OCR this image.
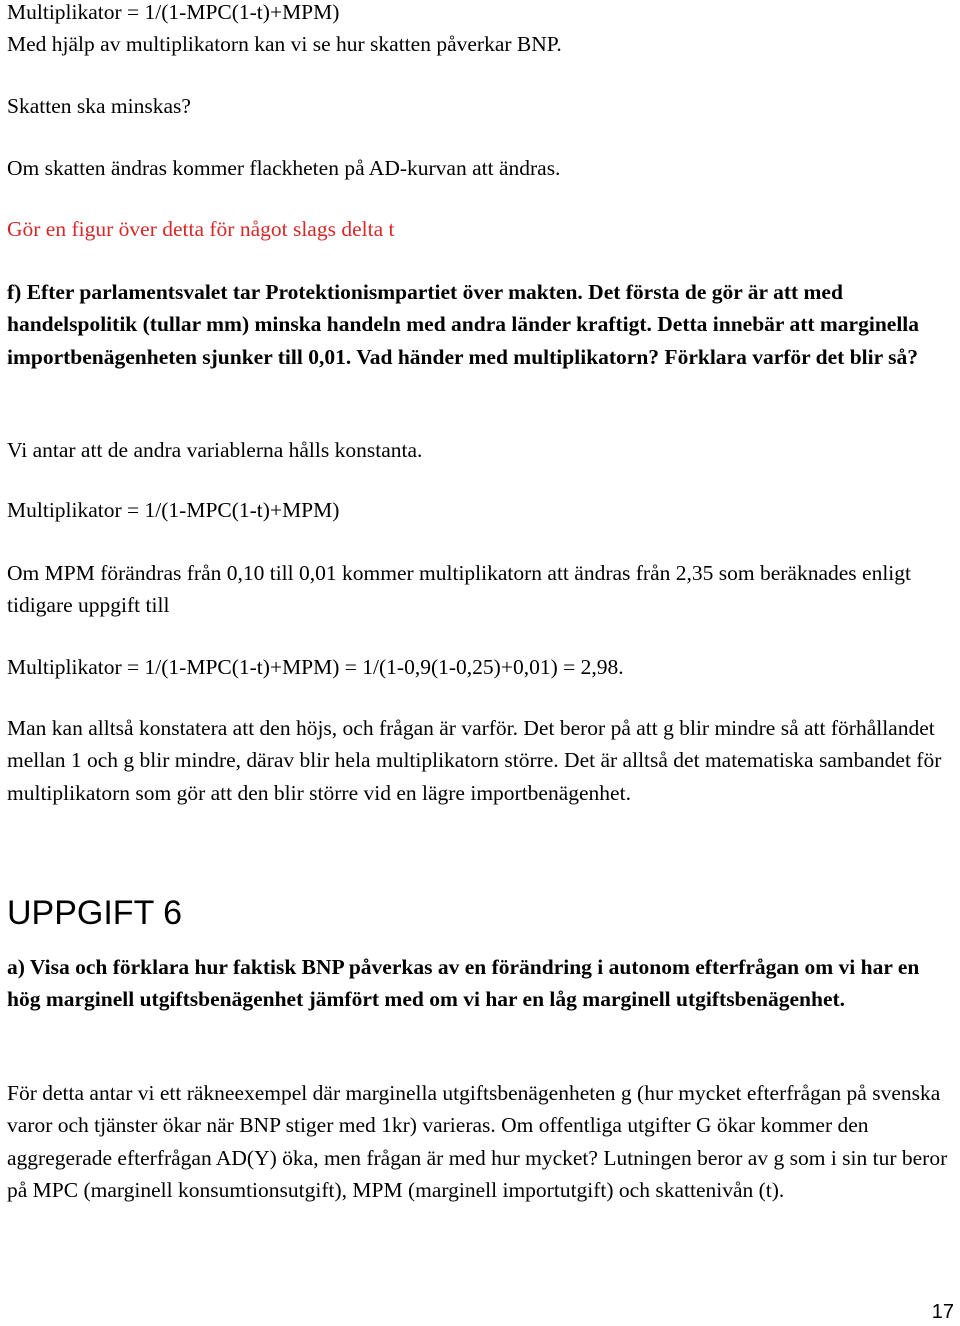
Multiplikator = 1/(1-MPC(1-t)+MPM)
Med hjälp av multiplikatorn kan vi se hur skatten påverkar BNP.
Skatten ska minskas?
Om skatten ändras kommer flackheten på AD-kurvan att ändras.
Gör en figur över detta för något slags delta t
f) Efter parlamentsvalet tar Protektionismpartiet över makten. Det första de gör är att med handelspolitik (tullar mm) minska handeln med andra länder kraftigt. Detta innebär att marginella importbenägenheten sjunker till 0,01. Vad händer med multiplikatorn? Förklara varför det blir så?
Vi antar att de andra variablerna hålls konstanta.
Multiplikator = 1/(1-MPC(1-t)+MPM)
Om MPM förändras från 0,10 till 0,01 kommer multiplikatorn att ändras från 2,35 som beräknades enligt tidigare uppgift till
Multiplikator = 1/(1-MPC(1-t)+MPM) = 1/(1-0,9(1-0,25)+0,01) = 2,98.
Man kan alltså konstatera att den höjs, och frågan är varför. Det beror på att g blir mindre så att förhållandet mellan 1 och g blir mindre, därav blir hela multiplikatorn större. Det är alltså det matematiska sambandet för multiplikatorn som gör att den blir större vid en lägre importbenägenhet.
UPPGIFT 6
a) Visa och förklara hur faktisk BNP påverkas av en förändring i autonom efterfrågan om vi har en hög marginell utgiftsbenägenhet jämfört med om vi har en låg marginell utgiftsbenägenhet.
För detta antar vi ett räkneexempel där marginella utgiftsbenägenheten g (hur mycket efterfrågan på svenska varor och tjänster ökar när BNP stiger med 1kr) varieras. Om offentliga utgifter G ökar kommer den aggregerade efterfrågan AD(Y) öka, men frågan är med hur mycket? Lutningen beror av g som i sin tur beror på MPC (marginell konsumtionsutgift), MPM (marginell importutgift) och skattenivån (t).
17
